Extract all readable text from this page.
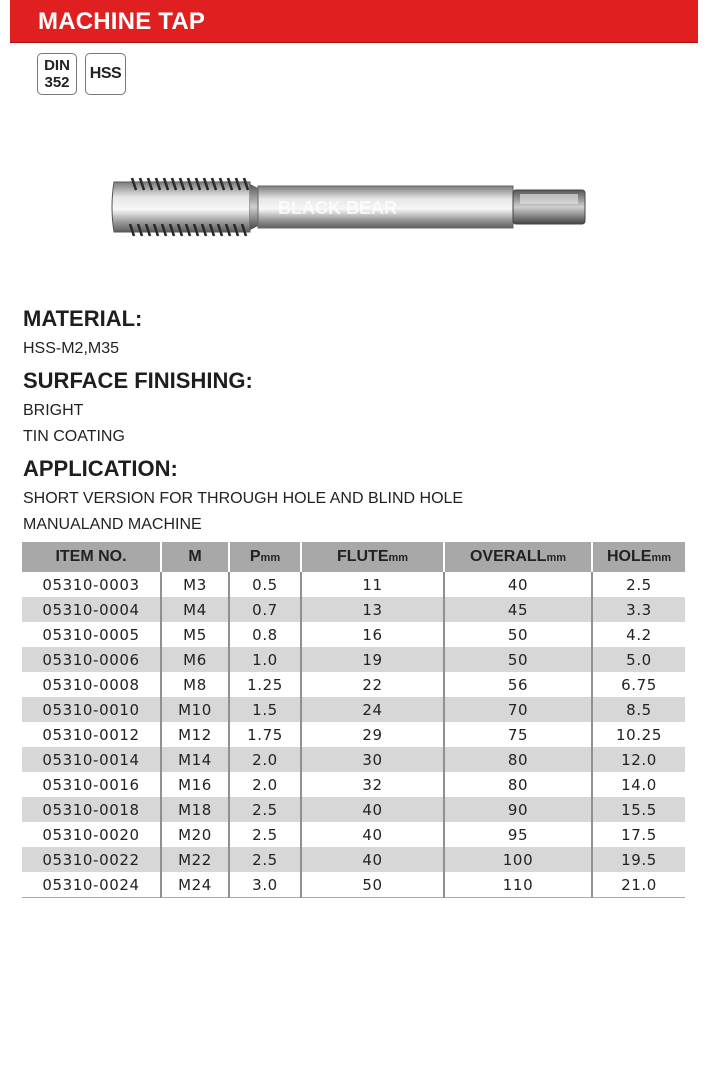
MACHINE TAP
DIN
352
HSS
BLACK BEAR
MATERIAL:
HSS-M2,M35
SURFACE FINISHING:
BRIGHT
TIN COATING
APPLICATION:
SHORT VERSION FOR THROUGH HOLE AND BLIND HOLE
MANUALAND MACHINE
ITEM NO.	M	Pmm	FLUTEmm	OVERALLmm	HOLEmm
05310-0003	M3	0.5	11	40	2.5
05310-0004	M4	0.7	13	45	3.3
05310-0005	M5	0.8	16	50	4.2
05310-0006	M6	1.0	19	50	5.0
05310-0008	M8	1.25	22	56	6.75
05310-0010	M10	1.5	24	70	8.5
05310-0012	M12	1.75	29	75	10.25
05310-0014	M14	2.0	30	80	12.0
05310-0016	M16	2.0	32	80	14.0
05310-0018	M18	2.5	40	90	15.5
05310-0020	M20	2.5	40	95	17.5
05310-0022	M22	2.5	40	100	19.5
05310-0024	M24	3.0	50	110	21.0
